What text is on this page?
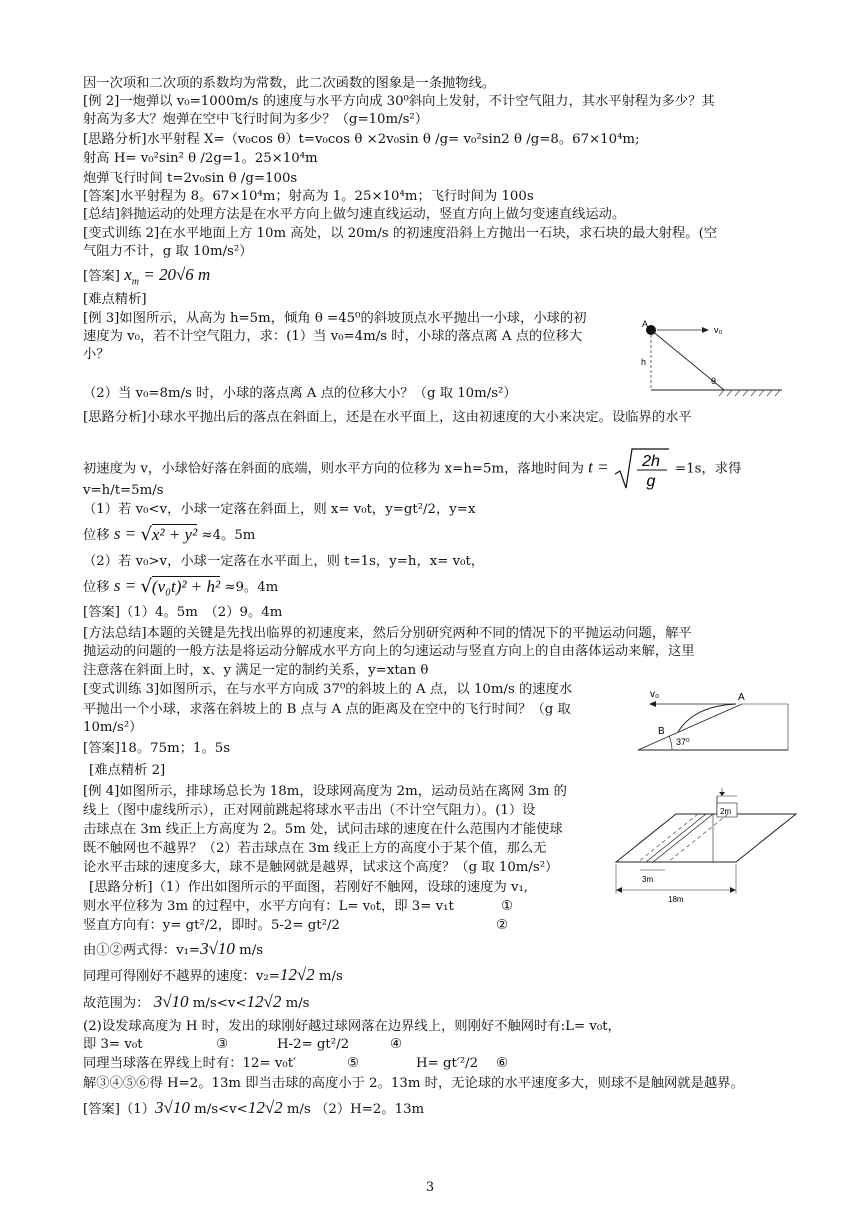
因一次项和二次项的系数均为常数，此二次函数的图象是一条抛物线。
[例 2]一炮弹以 v₀=1000m/s 的速度与水平方向成 30⁰斜向上发射，不计空气阻力，其水平射程为多少？其
射高为多大？炮弹在空中飞行时间为多少？（g=10m/s²）
[思路分析]水平射程 X=（v₀cos θ）t=v₀cos θ ×2v₀sin θ /g= v₀²sin2 θ /g=8。67×10⁴m;
射高 H= v₀²sin² θ /2g=1。25×10⁴m
炮弹飞行时间 t=2v₀sin θ /g=100s
[答案]水平射程为 8。67×10⁴m；射高为 1。25×10⁴m；飞行时间为 100s
[总结]斜抛运动的处理方法是在水平方向上做匀速直线运动，竖直方向上做匀变速直线运动。
[变式训练 2]在水平地面上方 10m 高处，以 20m/s 的初速度沿斜上方抛出一石块，求石块的最大射程。(空
气阻力不计，g 取 10m/s²）
[答案] $x_m = 20√6$ m
[难点精析]
[例 3]如图所示，从高为 h=5m，倾角 θ =45⁰的斜坡顶点水平抛出一小球，小球的初
速度为 v₀，若不计空气阻力，求：(1）当 v₀=4m/s 时，小球的落点离 A 点的位移大
小？
（2）当 v₀=8m/s 时，小球的落点离 A 点的位移大小？（g 取 10m/s²）
[思路分析]小球水平抛出后的落点在斜面上，还是在水平面上，这由初速度的大小来决定。设临界的水平
初速度为 v，小球恰好落在斜面的底端，则水平方向的位移为 x=h=5m，落地时间为 t = 2h
g
=1s，求得
v=h/t=5m/s
（1）若 v₀<v，小球一定落在斜面上，则 x= v₀t，y=gt²/2，y=x
位移 s = √x² + y² ≈4。5m
（2）若 v₀>v，小球一定落在水平面上，则 t=1s，y=h，x= v₀t，
位移 s = √(v₀t)² + h² ≈9。4m
[答案]（1）4。5m　（2）9。4m
[方法总结]本题的关键是先找出临界的初速度来，然后分别研究两种不同的情况下的平抛运动问题，解平
抛运动的问题的一般方法是将运动分解成水平方向上的匀速运动与竖直方向上的自由落体运动来解，这里
注意落在斜面上时，x、y 满足一定的制约关系，y=xtan θ
[变式训练 3]如图所示，在与水平方向成 37⁰的斜坡上的 A 点，以 10m/s 的速度水
平抛出一个小球，求落在斜坡上的 B 点与 A 点的距离及在空中的飞行时间？（g 取
10m/s²）
[答案]18。75m；1。5s
[难点精析 2]
[例 4]如图所示，排球场总长为 18m，设球网高度为 2m，运动员站在离网 3m 的
线上（图中虚线所示），正对网前跳起将球水平击出（不计空气阻力）。(1）设
击球点在 3m 线正上方高度为 2。5m 处，试问击球的速度在什么范围内才能使球
既不触网也不越界？（2）若击球点在 3m 线正上方的高度小于某个值，那么无
论水平击球的速度多大，球不是触网就是越界，试求这个高度？（g 取 10m/s²）
[思路分析]（1）作出如图所示的平面图，若刚好不触网，设球的速度为 v₁,
则水平位移为 3m 的过程中，水平方向有：L= v₀t，即 3= v₁t	①
竖直方向有：y= gt²/2，即时。5-2= gt²/2	②
由①②两式得：v₁=3√10 m/s
同理可得刚好不越界的速度：v₂=12√2 m/s
故范围为： 3√10 m/s<v<12√2 m/s
(2)设发球高度为 H 时，发出的球刚好越过球网落在边界线上，则刚好不触网时有:L= v₀t，
即 3= v₀t	③	H-2= gt²/2	④
同理当球落在界线上时有：12= v₀t′	⑤	H= gt′²/2 ⑥
解③④⑤⑥得 H=2。13m 即当击球的高度小于 2。13m 时，无论球的水平速度多大，则球不是触网就是越界。
[答案]（1）3√10 m/s<v<12√2 m/s （2）H=2。13m
A
v₀
h
θ
v₀	A
B
37⁰
2m
3m
18m
3
